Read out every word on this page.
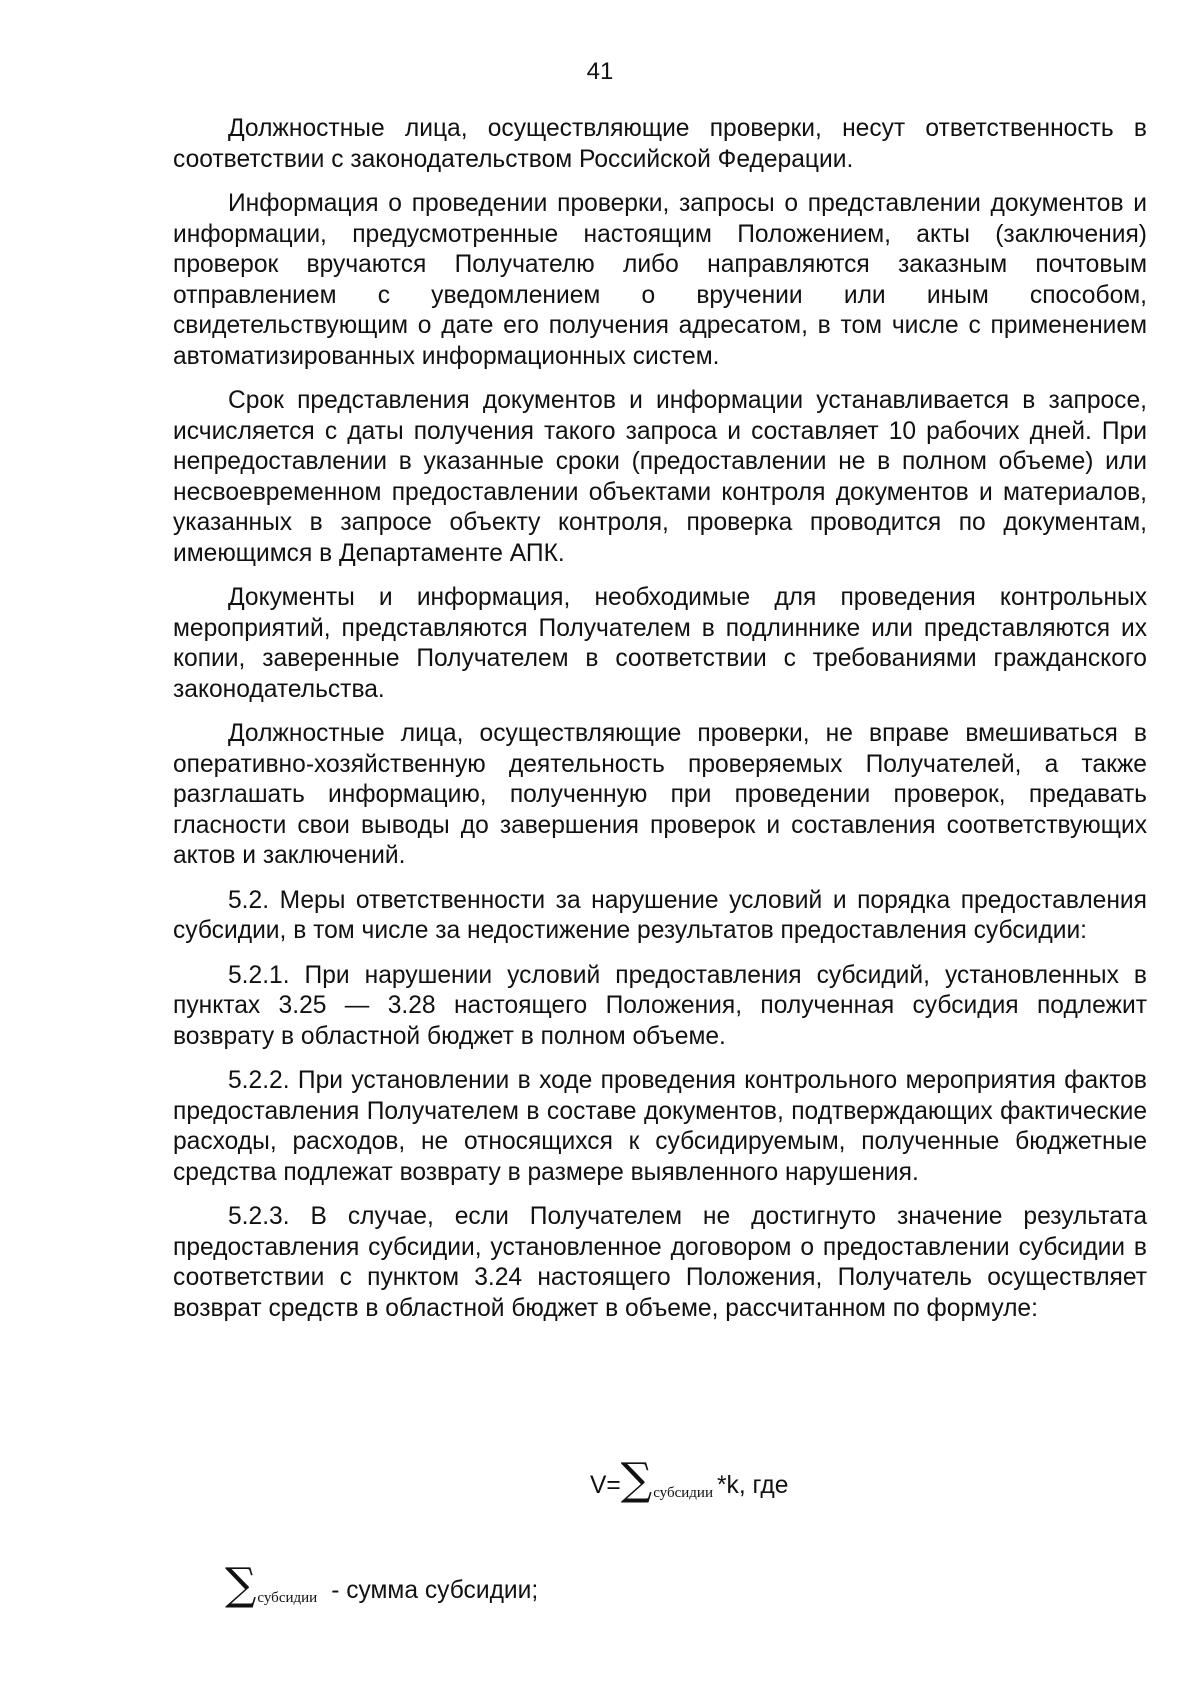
41

Должностные лица, осуществляющие проверки, несут ответственность в соответствии с законодательством Российской Федерации.

Информация о проведении проверки, запросы о представлении документов и информации, предусмотренные настоящим Положением, акты (заключения) проверок вручаются Получателю либо направляются заказным почтовым отправлением с уведомлением о вручении или иным способом, свидетельствующим о дате его получения адресатом, в том числе с применением автоматизированных информационных систем.

Срок представления документов и информации устанавливается в запросе, исчисляется с даты получения такого запроса и составляет 10 рабочих дней. При непредоставлении в указанные сроки (предоставлении не в полном объеме) или несвоевременном предоставлении объектами контроля документов и материалов, указанных в запросе объекту контроля, проверка проводится по документам, имеющимся в Департаменте АПК.

Документы и информация, необходимые для проведения контрольных мероприятий, представляются Получателем в подлиннике или представляются их копии, заверенные Получателем в соответствии с требованиями гражданского законодательства.

Должностные лица, осуществляющие проверки, не вправе вмешиваться в оперативно-хозяйственную деятельность проверяемых Получателей, а также разглашать информацию, полученную при проведении проверок, предавать гласности свои выводы до завершения проверок и составления соответствующих актов и заключений.

5.2. Меры ответственности за нарушение условий и порядка предоставления субсидии, в том числе за недостижение результатов предоставления субсидии:

5.2.1. При нарушении условий предоставления субсидий, установленных в пунктах 3.25 — 3.28 настоящего Положения, полученная субсидия подлежит возврату в областной бюджет в полном объеме.

5.2.2. При установлении в ходе проведения контрольного мероприятия фактов предоставления Получателем в составе документов, подтверждающих фактические расходы, расходов, не относящихся к субсидируемым, полученные бюджетные средства подлежат возврату в размере выявленного нарушения.

5.2.3. В случае, если Получателем не достигнуто значение результата предоставления субсидии, установленное договором о предоставлении субсидии в соответствии с пунктом 3.24 настоящего Положения, Получатель осуществляет возврат средств в областной бюджет в объеме, рассчитанном по формуле:

V= ∑ субсидии *k, где
∑ субсидии - сумма субсидии;
